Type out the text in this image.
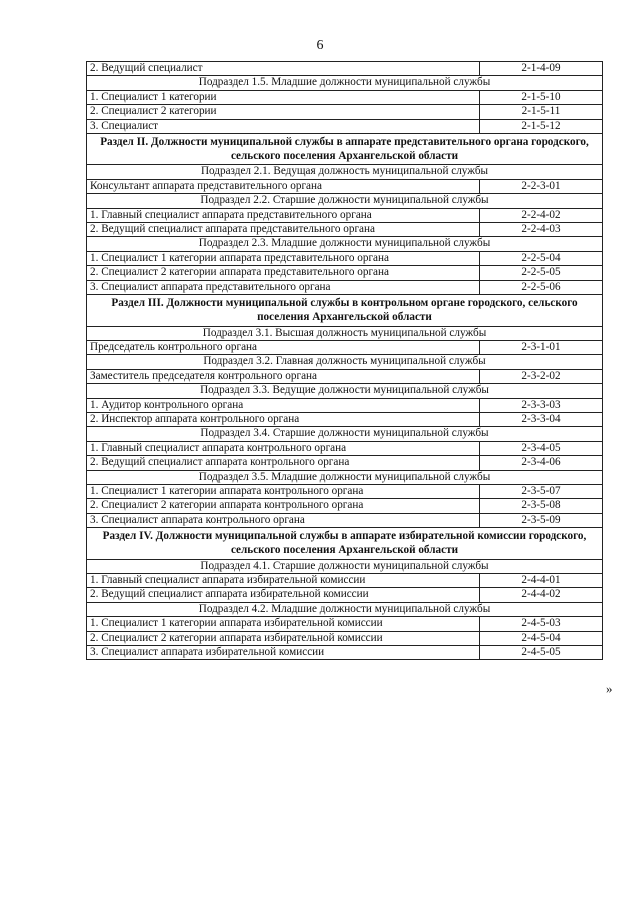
6
2. Ведущий специалист	2-1-4-09
Подраздел 1.5. Младшие должности муниципальной службы	
1. Специалист 1 категории	2-1-5-10
2. Специалист 2 категории	2-1-5-11
3. Специалист	2-1-5-12
Раздел II. Должности муниципальной службы в аппарате представительного органа городского, сельского поселения Архангельской области	
Подраздел 2.1. Ведущая должность муниципальной службы	
Консультант аппарата представительного органа	2-2-3-01
Подраздел 2.2. Старшие должности муниципальной службы	
1. Главный специалист аппарата представительного органа	2-2-4-02
2. Ведущий специалист аппарата представительного органа	2-2-4-03
Подраздел 2.3. Младшие должности муниципальной службы	
1. Специалист 1 категории аппарата представительного органа	2-2-5-04
2. Специалист 2 категории аппарата представительного органа	2-2-5-05
3. Специалист аппарата представительного органа	2-2-5-06
Раздел III. Должности муниципальной службы в контрольном органе городского, сельского поселения Архангельской области	
Подраздел 3.1. Высшая должность муниципальной службы	
Председатель контрольного органа	2-3-1-01
Подраздел 3.2. Главная должность муниципальной службы	
Заместитель председателя контрольного органа	2-3-2-02
Подраздел 3.3. Ведущие должности муниципальной службы	
1. Аудитор контрольного органа	2-3-3-03
2. Инспектор аппарата контрольного органа	2-3-3-04
Подраздел 3.4. Старшие должности муниципальной службы	
1. Главный специалист аппарата контрольного органа	2-3-4-05
2. Ведущий специалист аппарата контрольного органа	2-3-4-06
Подраздел 3.5. Младшие должности муниципальной службы	
1. Специалист 1 категории аппарата контрольного органа	2-3-5-07
2. Специалист 2 категории аппарата контрольного органа	2-3-5-08
3. Специалист аппарата контрольного органа	2-3-5-09
Раздел IV. Должности муниципальной службы в аппарате избирательной комиссии городского, сельского поселения Архангельской области	
Подраздел 4.1. Старшие должности муниципальной службы	
1. Главный специалист аппарата избирательной комиссии	2-4-4-01
2. Ведущий специалист аппарата избирательной комиссии	2-4-4-02
Подраздел 4.2. Младшие должности муниципальной службы	
1. Специалист 1 категории аппарата избирательной комиссии	2-4-5-03
2. Специалист 2 категории аппарата избирательной комиссии	2-4-5-04
3. Специалист аппарата избирательной комиссии	2-4-5-05
»
